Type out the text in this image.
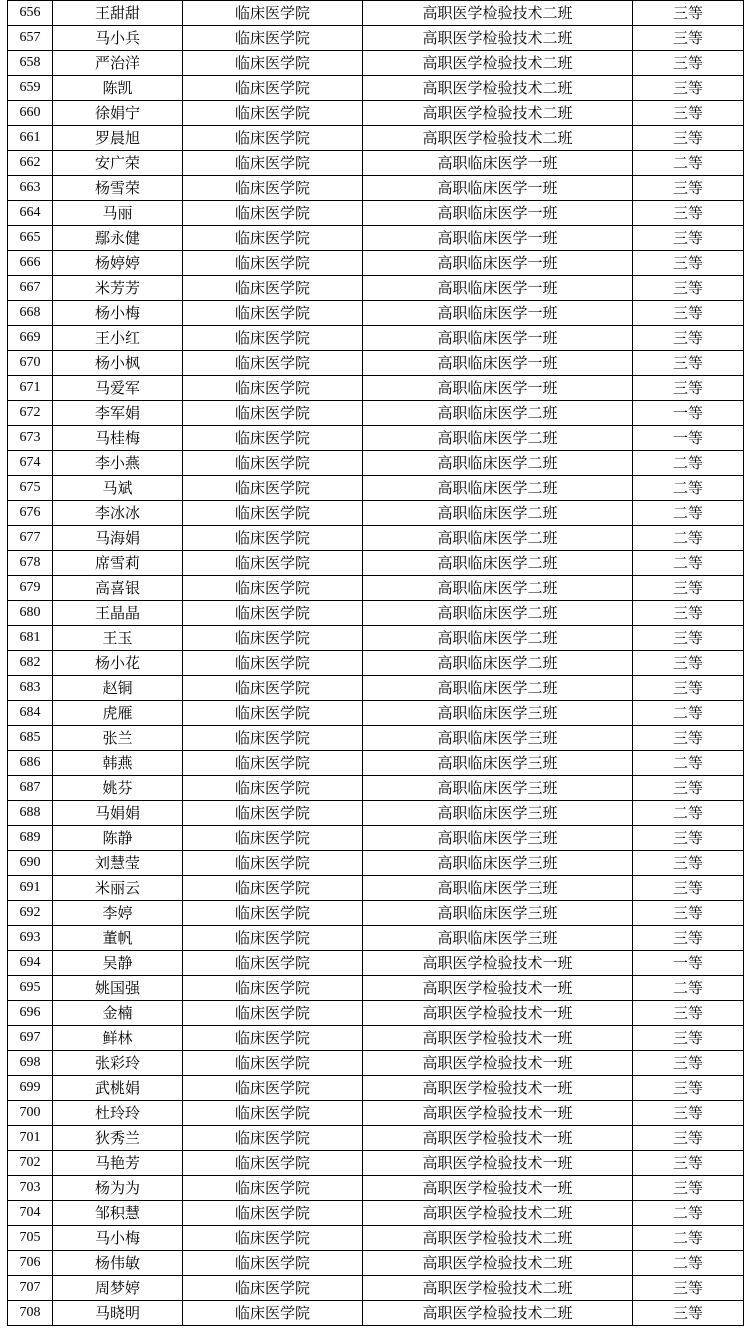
656	王甜甜	临床医学院	高职医学检验技术二班	三等
657	马小兵	临床医学院	高职医学检验技术二班	三等
658	严治洋	临床医学院	高职医学检验技术二班	三等
659	陈凯	临床医学院	高职医学检验技术二班	三等
660	徐娟宁	临床医学院	高职医学检验技术二班	三等
661	罗晨旭	临床医学院	高职医学检验技术二班	三等
662	安广荣	临床医学院	高职临床医学一班	二等
663	杨雪荣	临床医学院	高职临床医学一班	三等
664	马丽	临床医学院	高职临床医学一班	三等
665	鄢永健	临床医学院	高职临床医学一班	三等
666	杨婷婷	临床医学院	高职临床医学一班	三等
667	米芳芳	临床医学院	高职临床医学一班	三等
668	杨小梅	临床医学院	高职临床医学一班	三等
669	王小红	临床医学院	高职临床医学一班	三等
670	杨小枫	临床医学院	高职临床医学一班	三等
671	马爱军	临床医学院	高职临床医学一班	三等
672	李军娟	临床医学院	高职临床医学二班	一等
673	马桂梅	临床医学院	高职临床医学二班	一等
674	李小燕	临床医学院	高职临床医学二班	二等
675	马斌	临床医学院	高职临床医学二班	二等
676	李冰冰	临床医学院	高职临床医学二班	二等
677	马海娟	临床医学院	高职临床医学二班	二等
678	席雪莉	临床医学院	高职临床医学二班	二等
679	高喜银	临床医学院	高职临床医学二班	三等
680	王晶晶	临床医学院	高职临床医学二班	三等
681	王玉	临床医学院	高职临床医学二班	三等
682	杨小花	临床医学院	高职临床医学二班	三等
683	赵铜	临床医学院	高职临床医学二班	三等
684	虎雁	临床医学院	高职临床医学三班	二等
685	张兰	临床医学院	高职临床医学三班	三等
686	韩燕	临床医学院	高职临床医学三班	二等
687	姚芬	临床医学院	高职临床医学三班	三等
688	马娟娟	临床医学院	高职临床医学三班	二等
689	陈静	临床医学院	高职临床医学三班	三等
690	刘慧莹	临床医学院	高职临床医学三班	三等
691	米丽云	临床医学院	高职临床医学三班	三等
692	李婷	临床医学院	高职临床医学三班	三等
693	董帆	临床医学院	高职临床医学三班	三等
694	吴静	临床医学院	高职医学检验技术一班	一等
695	姚国强	临床医学院	高职医学检验技术一班	二等
696	金楠	临床医学院	高职医学检验技术一班	三等
697	鲜林	临床医学院	高职医学检验技术一班	三等
698	张彩玲	临床医学院	高职医学检验技术一班	三等
699	武桃娟	临床医学院	高职医学检验技术一班	三等
700	杜玲玲	临床医学院	高职医学检验技术一班	三等
701	狄秀兰	临床医学院	高职医学检验技术一班	三等
702	马艳芳	临床医学院	高职医学检验技术一班	三等
703	杨为为	临床医学院	高职医学检验技术一班	三等
704	邹积慧	临床医学院	高职医学检验技术二班	二等
705	马小梅	临床医学院	高职医学检验技术二班	二等
706	杨伟敏	临床医学院	高职医学检验技术二班	二等
707	周梦婷	临床医学院	高职医学检验技术二班	三等
708	马晓明	临床医学院	高职医学检验技术二班	三等
